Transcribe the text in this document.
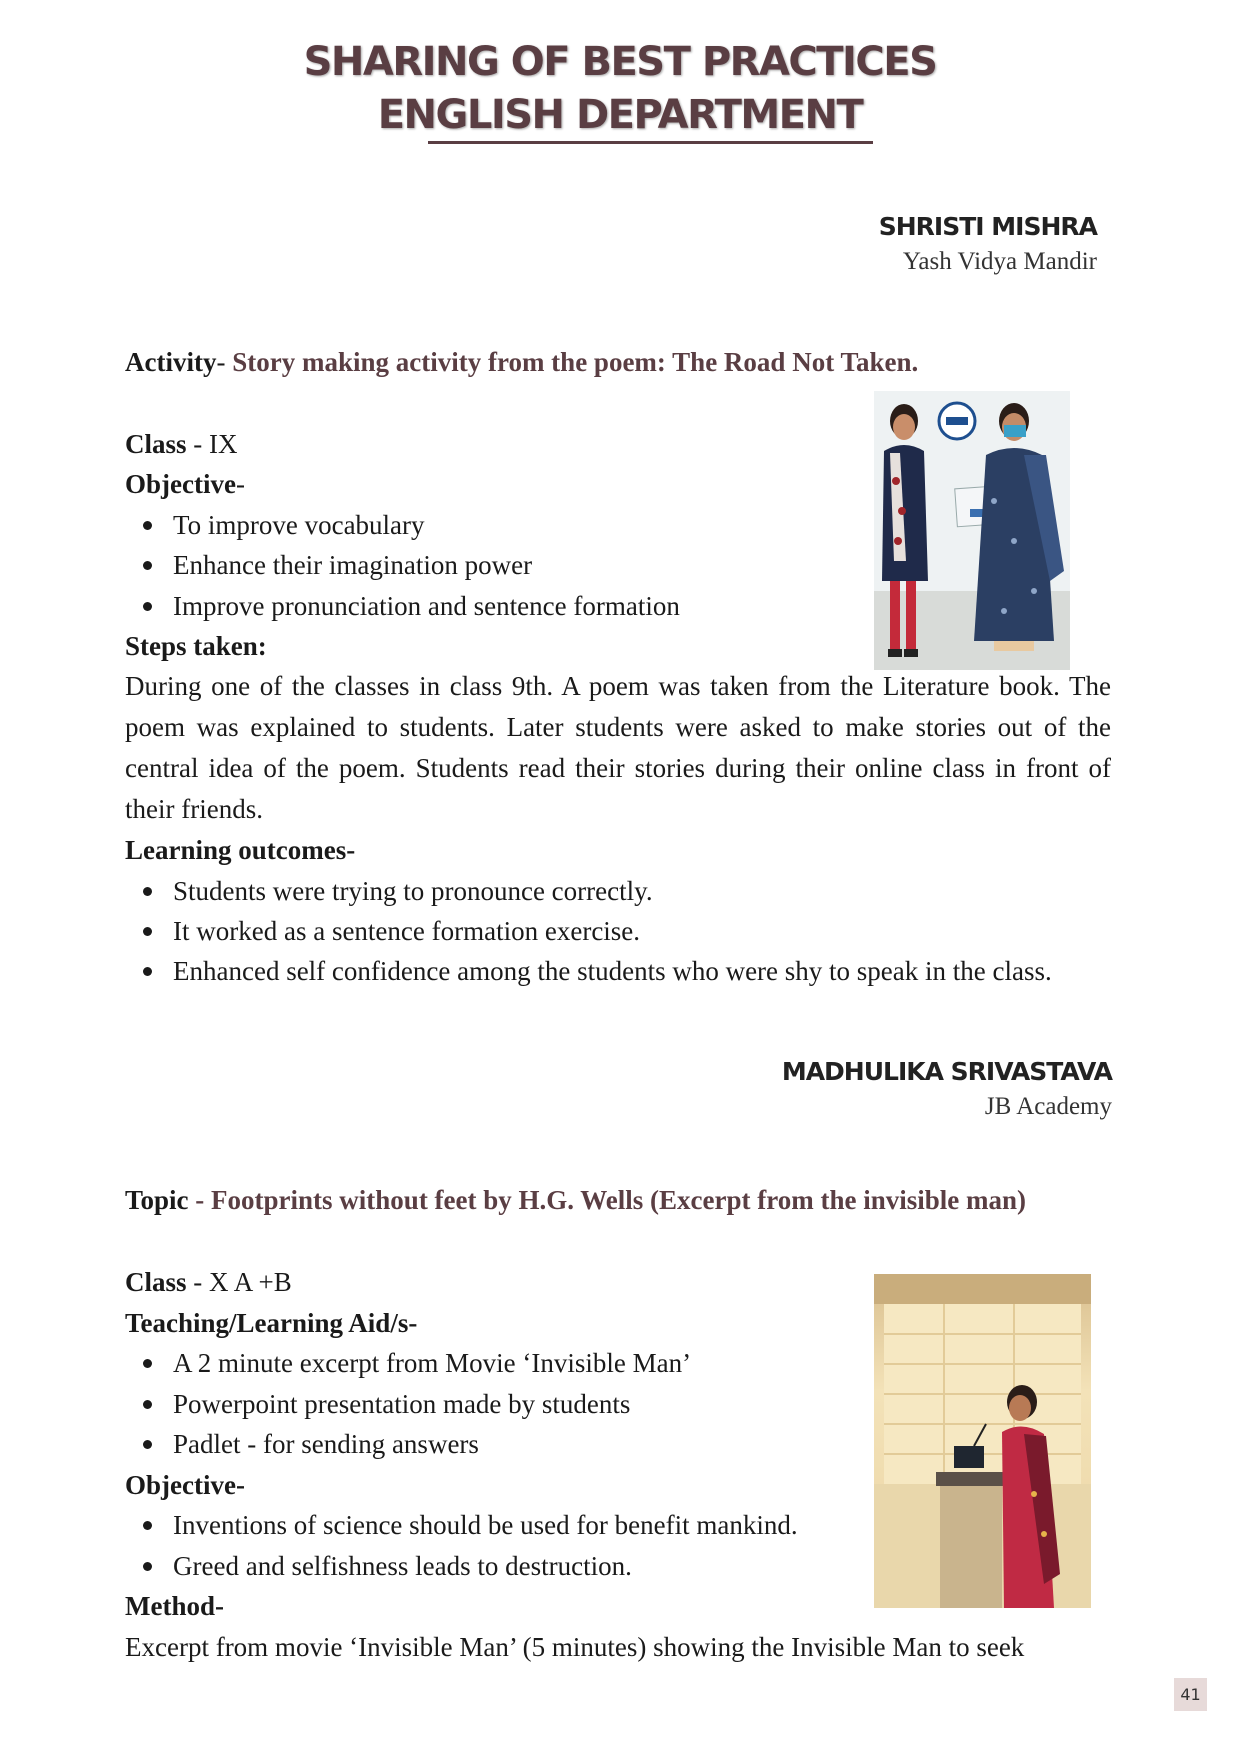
SHARING OF BEST PRACTICES
ENGLISH DEPARTMENT
SHRISTI MISHRA
Yash Vidya Mandir
Activity- Story making activity from the poem: The Road Not Taken.
Class - IX
Objective-
To improve vocabulary
Enhance their imagination power
Improve pronunciation and sentence formation
Steps taken:
During one of the classes in class 9th. A poem was taken from the Literature book. The poem was explained to students. Later students were asked to make stories out of the central idea of the poem. Students read their stories during their online class in front of their friends.
Learning outcomes-
Students were trying to pronounce correctly.
It worked as a sentence formation exercise.
Enhanced self confidence among the students who were shy to speak in the class.
MADHULIKA SRIVASTAVA
JB Academy
Topic - Footprints without feet by H.G. Wells (Excerpt from the invisible man)
Class - X A +B
Teaching/Learning Aid/s-
A 2 minute excerpt from Movie ‘Invisible Man’
Powerpoint presentation made by students
Padlet - for sending answers
Objective-
Inventions of science should be used for benefit mankind.
Greed and selfishness leads to destruction.
Method-
Excerpt from movie ‘Invisible Man’ (5 minutes) showing the Invisible Man to seek
41
